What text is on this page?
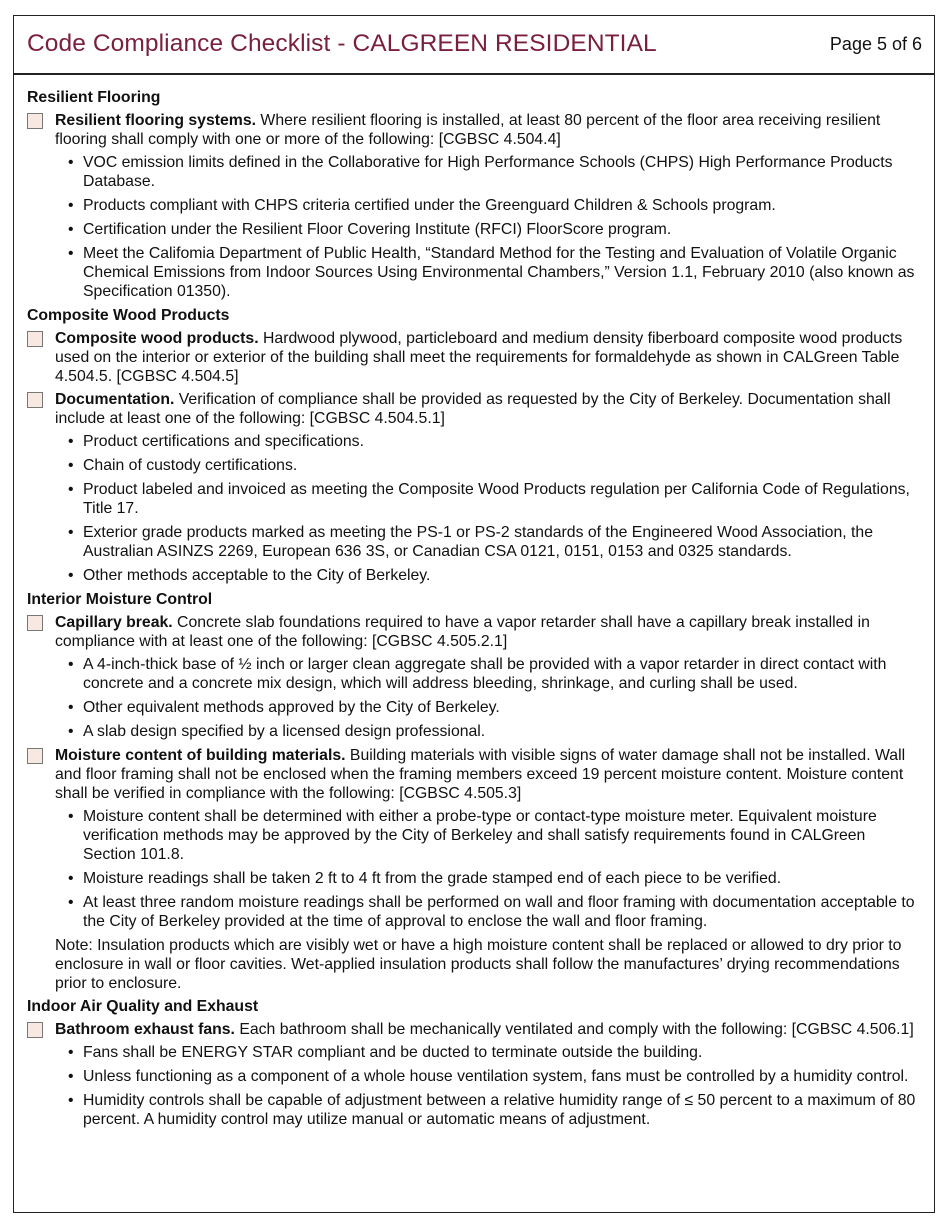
Code Compliance Checklist - CALGREEN RESIDENTIAL	Page 5 of 6
Resilient Flooring
Resilient flooring systems. Where resilient flooring is installed, at least 80 percent of the floor area receiving resilient flooring shall comply with one or more of the following: [CGBSC 4.504.4]
• VOC emission limits defined in the Collaborative for High Performance Schools (CHPS) High Performance Products Database.
• Products compliant with CHPS criteria certified under the Greenguard Children & Schools program.
• Certification under the Resilient Floor Covering Institute (RFCI) FloorScore program.
• Meet the Califomia Department of Public Health, “Standard Method for the Testing and Evaluation of Volatile Organic Chemical Emissions from Indoor Sources Using Environmental Chambers,” Version 1.1, February 2010 (also known as Specification 01350).
Composite Wood Products
Composite wood products. Hardwood plywood, particleboard and medium density fiberboard composite wood products used on the interior or exterior of the building shall meet the requirements for formaldehyde as shown in CALGreen Table 4.504.5. [CGBSC 4.504.5]
Documentation. Verification of compliance shall be provided as requested by the City of Berkeley. Documentation shall include at least one of the following: [CGBSC 4.504.5.1]
• Product certifications and specifications.
• Chain of custody certifications.
• Product labeled and invoiced as meeting the Composite Wood Products regulation per California Code of Regulations, Title 17.
• Exterior grade products marked as meeting the PS-1 or PS-2 standards of the Engineered Wood Association, the Australian ASINZS 2269, European 636 3S, or Canadian CSA 0121, 0151, 0153 and 0325 standards.
• Other methods acceptable to the City of Berkeley.
Interior Moisture Control
Capillary break. Concrete slab foundations required to have a vapor retarder shall have a capillary break installed in compliance with at least one of the following: [CGBSC 4.505.2.1]
• A 4-inch-thick base of ½ inch or larger clean aggregate shall be provided with a vapor retarder in direct contact with concrete and a concrete mix design, which will address bleeding, shrinkage, and curling shall be used.
• Other equivalent methods approved by the City of Berkeley.
• A slab design specified by a licensed design professional.
Moisture content of building materials. Building materials with visible signs of water damage shall not be installed. Wall and floor framing shall not be enclosed when the framing members exceed 19 percent moisture content. Moisture content shall be verified in compliance with the following: [CGBSC 4.505.3]
• Moisture content shall be determined with either a probe-type or contact-type moisture meter. Equivalent moisture verification methods may be approved by the City of Berkeley and shall satisfy requirements found in CALGreen Section 101.8.
• Moisture readings shall be taken 2 ft to 4 ft from the grade stamped end of each piece to be verified.
• At least three random moisture readings shall be performed on wall and floor framing with documentation acceptable to the City of Berkeley provided at the time of approval to enclose the wall and floor framing.
Note: Insulation products which are visibly wet or have a high moisture content shall be replaced or allowed to dry prior to enclosure in wall or floor cavities. Wet-applied insulation products shall follow the manufactures’ drying recommendations prior to enclosure.
Indoor Air Quality and Exhaust
Bathroom exhaust fans. Each bathroom shall be mechanically ventilated and comply with the following: [CGBSC 4.506.1]
• Fans shall be ENERGY STAR compliant and be ducted to terminate outside the building.
• Unless functioning as a component of a whole house ventilation system, fans must be controlled by a humidity control.
• Humidity controls shall be capable of adjustment between a relative humidity range of ≤ 50 percent to a maximum of 80 percent. A humidity control may utilize manual or automatic means of adjustment.
